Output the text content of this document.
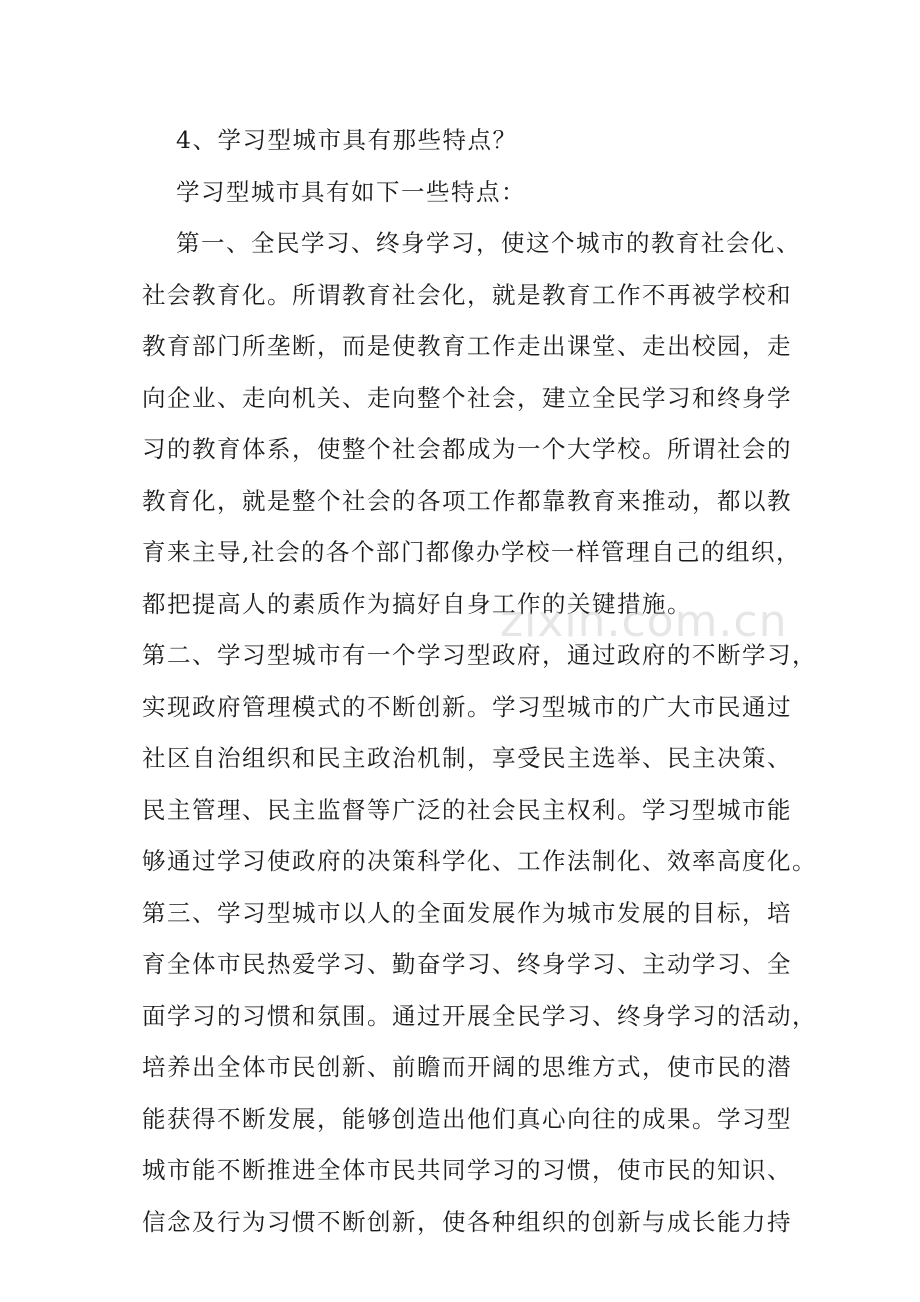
4、学习型城市具有那些特点？
学习型城市具有如下一些特点：
第一、全民学习、终身学习，使这个城市的教育社会化、
社会教育化。所谓教育社会化，就是教育工作不再被学校和
教育部门所垄断，而是使教育工作走出课堂、走出校园，走
向企业、走向机关、走向整个社会，建立全民学习和终身学
习的教育体系，使整个社会都成为一个大学校。所谓社会的
教育化，就是整个社会的各项工作都靠教育来推动，都以教
育来主导,社会的各个部门都像办学校一样管理自己的组织，
都把提高人的素质作为搞好自身工作的关键措施。
第二、学习型城市有一个学习型政府，通过政府的不断学习，
实现政府管理模式的不断创新。学习型城市的广大市民通过
社区自治组织和民主政治机制，享受民主选举、民主决策、
民主管理、民主监督等广泛的社会民主权利。学习型城市能
够通过学习使政府的决策科学化、工作法制化、效率高度化。
第三、学习型城市以人的全面发展作为城市发展的目标，培
育全体市民热爱学习、勤奋学习、终身学习、主动学习、全
面学习的习惯和氛围。通过开展全民学习、终身学习的活动，
培养出全体市民创新、前瞻而开阔的思维方式，使市民的潜
能获得不断发展，能够创造出他们真心向往的成果。学习型
城市能不断推进全体市民共同学习的习惯，使市民的知识、
信念及行为习惯不断创新，使各种组织的创新与成长能力持
zixin.com.cn
